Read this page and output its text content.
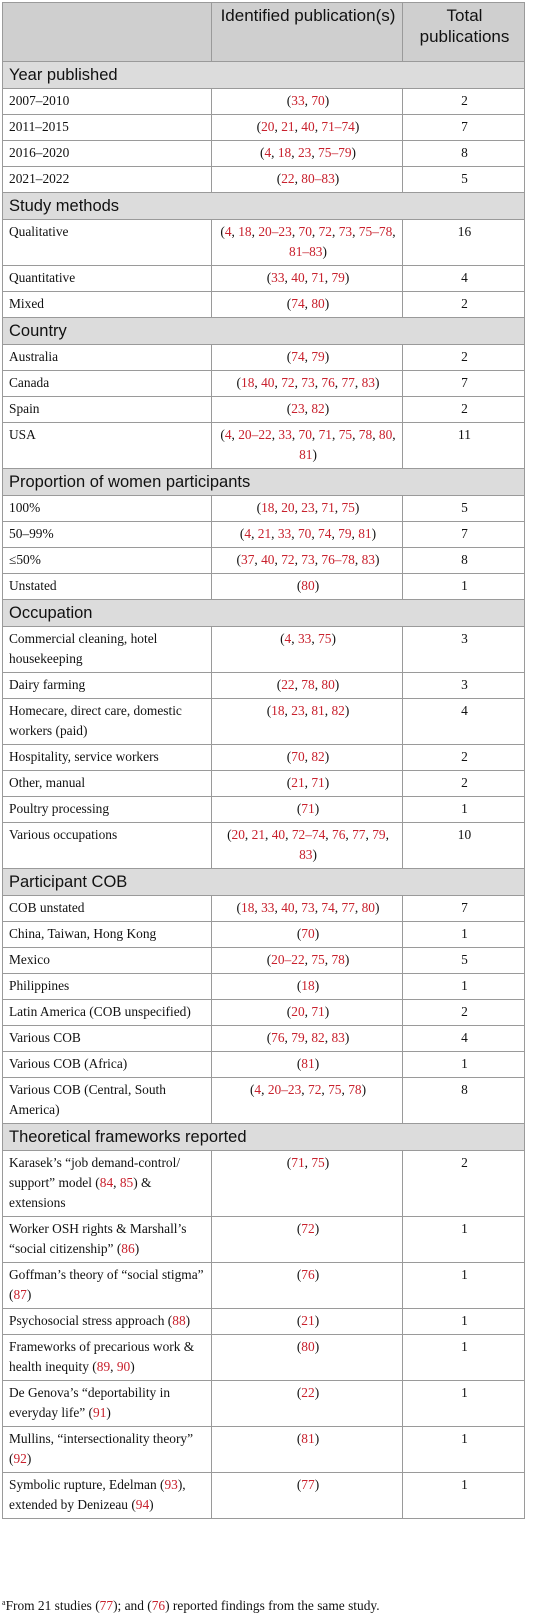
	Identified publication(s)	Total publications
Year published		
2007–2010	(33, 70)	2
2011–2015	(20, 21, 40, 71–74)	7
2016–2020	(4, 18, 23, 75–79)	8
2021–2022	(22, 80–83)	5
Study methods		
Qualitative	(4, 18, 20–23, 70, 72, 73, 75–78, 81–83)	16
Quantitative	(33, 40, 71, 79)	4
Mixed	(74, 80)	2
Country		
Australia	(74, 79)	2
Canada	(18, 40, 72, 73, 76, 77, 83)	7
Spain	(23, 82)	2
USA	(4, 20–22, 33, 70, 71, 75, 78, 80, 81)	11
Proportion of women participants		
100%	(18, 20, 23, 71, 75)	5
50–99%	(4, 21, 33, 70, 74, 79, 81)	7
≤50%	(37, 40, 72, 73, 76–78, 83)	8
Unstated	(80)	1
Occupation		
Commercial cleaning, hotel housekeeping	(4, 33, 75)	3
Dairy farming	(22, 78, 80)	3
Homecare, direct care, domestic workers (paid)	(18, 23, 81, 82)	4
Hospitality, service workers	(70, 82)	2
Other, manual	(21, 71)	2
Poultry processing	(71)	1
Various occupations	(20, 21, 40, 72–74, 76, 77, 79, 83)	10
Participant COB		
COB unstated	(18, 33, 40, 73, 74, 77, 80)	7
China, Taiwan, Hong Kong	(70)	1
Mexico	(20–22, 75, 78)	5
Philippines	(18)	1
Latin America (COB unspecified)	(20, 71)	2
Various COB	(76, 79, 82, 83)	4
Various COB (Africa)	(81)	1
Various COB (Central, South America)	(4, 20–23, 72, 75, 78)	8
Theoretical frameworks reported		
Karasek’s “job demand-control/ support” model (84, 85) & extensions	(71, 75)	2
Worker OSH rights & Marshall’s “social citizenship” (86)	(72)	1
Goffman’s theory of “social stigma” (87)	(76)	1
Psychosocial stress approach (88)	(21)	1
Frameworks of precarious work & health inequity (89, 90)	(80)	1
De Genova’s “deportability in everyday life” (91)	(22)	1
Mullins, “intersectionality theory” (92)	(81)	1
Symbolic rupture, Edelman (93), extended by Denizeau (94)	(77)	1
$^a$From 21 studies (77); and (76) reported findings from the same study.
